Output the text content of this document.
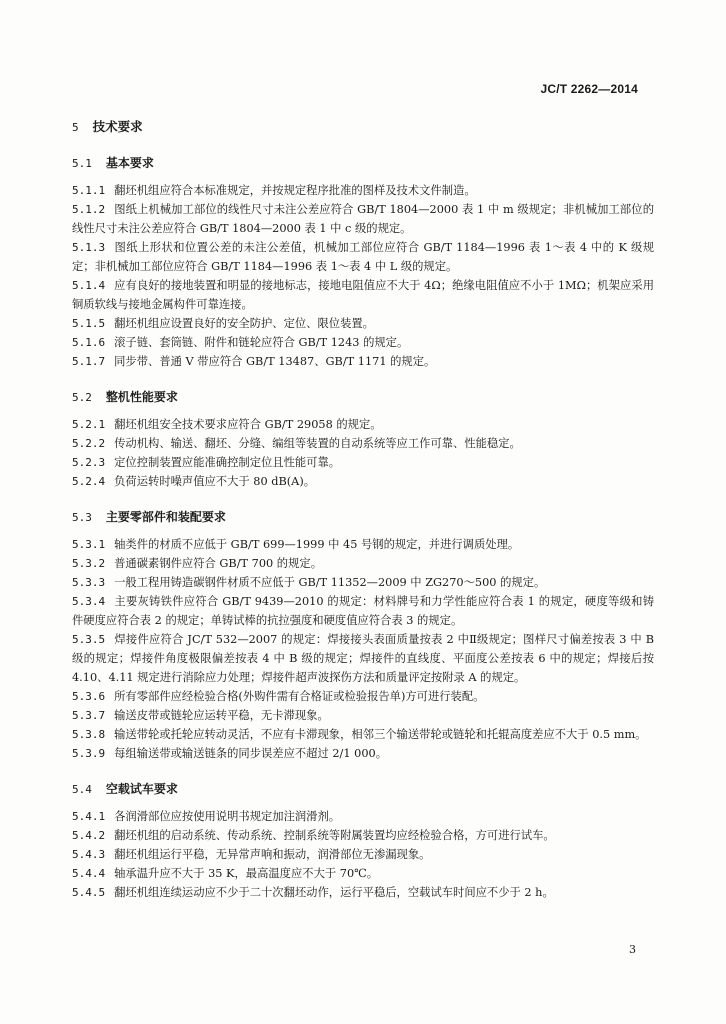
JC/T 2262—2014
5 技术要求
5.1 基本要求

5.1.1 翻坯机组应符合本标准规定，并按规定程序批准的图样及技术文件制造。

5.1.2 图纸上机械加工部位的线性尺寸未注公差应符合 GB/T 1804—2000 表 1 中 m 级规定；非机械加工部位的线性尺寸未注公差应符合 GB/T 1804—2000 表 1 中 c 级的规定。

5.1.3 图纸上形状和位置公差的未注公差值，机械加工部位应符合 GB/T 1184—1996 表 1～表 4 中的 K 级规定；非机械加工部位应符合 GB/T 1184—1996 表 1～表 4 中 L 级的规定。

5.1.4 应有良好的接地装置和明显的接地标志，接地电阻值应不大于 4Ω；绝缘电阻值应不小于 1MΩ；机架应采用铜质软线与接地金属构件可靠连接。

5.1.5 翻坯机组应设置良好的安全防护、定位、限位装置。

5.1.6 滚子链、套筒链、附件和链轮应符合 GB/T 1243 的规定。

5.1.7 同步带、普通 V 带应符合 GB/T 13487、GB/T 1171 的规定。

5.2 整机性能要求

5.2.1 翻坯机组安全技术要求应符合 GB/T 29058 的规定。

5.2.2 传动机构、输送、翻坯、分缝、编组等装置的自动系统等应工作可靠、性能稳定。

5.2.3 定位控制装置应能准确控制定位且性能可靠。

5.2.4 负荷运转时噪声值应不大于 80 dB(A)。

5.3 主要零部件和装配要求

5.3.1 轴类件的材质不应低于 GB/T 699—1999 中 45 号钢的规定，并进行调质处理。

5.3.2 普通碳素钢件应符合 GB/T 700 的规定。

5.3.3 一般工程用铸造碳钢件材质不应低于 GB/T 11352—2009 中 ZG270～500 的规定。

5.3.4 主要灰铸铁件应符合 GB/T 9439—2010 的规定：材料牌号和力学性能应符合表 1 的规定，硬度等级和铸件硬度应符合表 2 的规定；单铸试棒的抗拉强度和硬度值应符合表 3 的规定。

5.3.5 焊接件应符合 JC/T 532—2007 的规定：焊接接头表面质量按表 2 中Ⅱ级规定；图样尺寸偏差按表 3 中 B 级的规定；焊接件角度极限偏差按表 4 中 B 级的规定；焊接件的直线度、平面度公差按表 6 中的规定；焊接后按 4.10、4.11 规定进行消除应力处理；焊接件超声波探伤方法和质量评定按附录 A 的规定。

5.3.6 所有零部件应经检验合格(外购件需有合格证或检验报告单)方可进行装配。

5.3.7 输送皮带或链轮应运转平稳，无卡滞现象。

5.3.8 输送带轮或托轮应转动灵活，不应有卡滞现象，相邻三个输送带轮或链轮和托辊高度差应不大于 0.5 mm。

5.3.9 每组输送带或输送链条的同步误差应不超过 2/1 000。

5.4 空载试车要求

5.4.1 各润滑部位应按使用说明书规定加注润滑剂。

5.4.2 翻坯机组的启动系统、传动系统、控制系统等附属装置均应经检验合格，方可进行试车。

5.4.3 翻坯机组运行平稳，无异常声响和振动，润滑部位无渗漏现象。

5.4.4 轴承温升应不大于 35 K，最高温度应不大于 70℃。

5.4.5 翻坯机组连续运动应不少于二十次翻坯动作，运行平稳后，空载试车时间应不少于 2 h。

3
